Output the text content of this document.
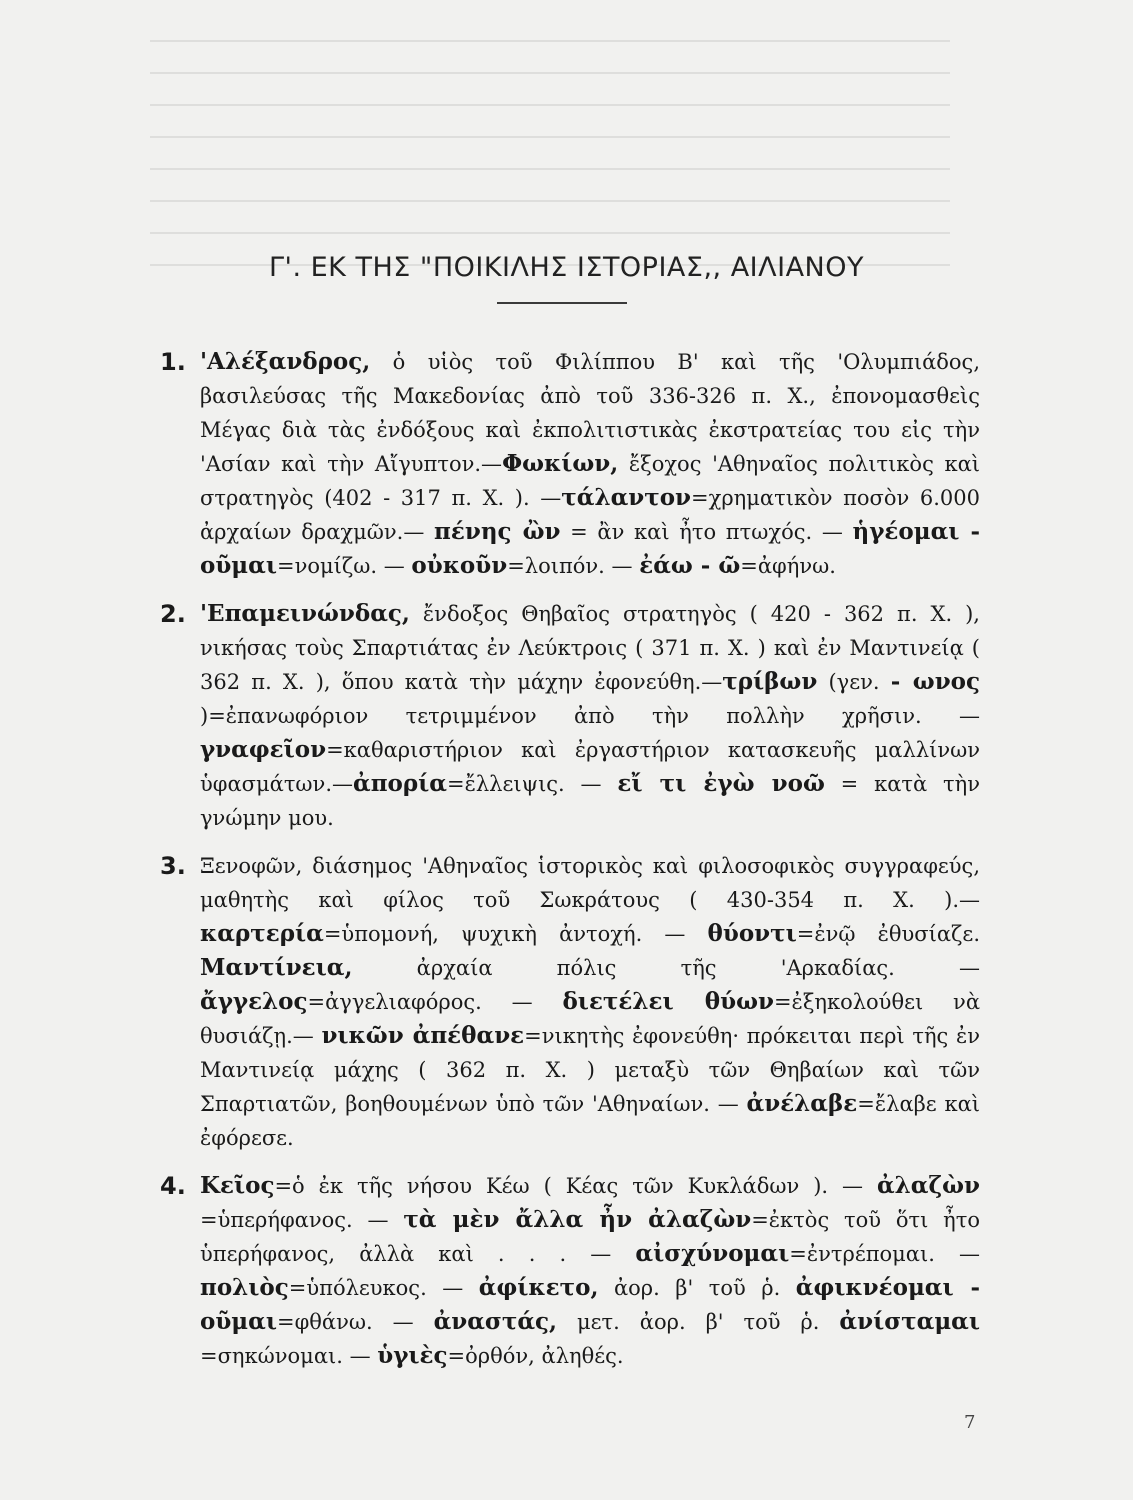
Γ'. ΕΚ ΤΗΣ "ΠΟΙΚΙΛΗΣ ΙΣΤΟΡΙΑΣ,, ΑΙΛΙΑΝΟΥ
1. 'Αλέξανδρος, ὁ υἱὸς τοῦ Φιλίππου Β' καὶ τῆς 'Ολυμπιάδος, βασιλεύσας τῆς Μακεδονίας ἀπὸ τοῦ 336-326 π. Χ., ἐπονομασθεὶς Μέγας διὰ τὰς ἐνδόξους καὶ ἐκπολιτιστικὰς ἐκστρατείας του εἰς τὴν 'Ασίαν καὶ τὴν Αἴγυπτον.—Φωκίων, ἔξοχος 'Αθηναῖος πολιτικὸς καὶ στρατηγὸς (402 - 317 π. Χ. ). —τάλαντον=χρηματικὸν ποσὸν 6.000 ἀρχαίων δραχμῶν.— πένης ὢν = ἂν καὶ ἦτο πτωχός. — ἡγέομαι - οῦμαι=νομίζω. — οὐκοῦν=λοιπόν. — ἐάω - ῶ=ἀφήνω.
2. 'Επαμεινώνδας, ἔνδοξος Θηβαῖος στρατηγὸς ( 420 - 362 π. Χ. ), νικήσας τοὺς Σπαρτιάτας ἐν Λεύκτροις ( 371 π. Χ. ) καὶ ἐν Μαντινείᾳ ( 362 π. Χ. ), ὅπου κατὰ τὴν μάχην ἐφονεύθη.—τρίβων (γεν. - ωνος )=ἐπανωφόριον τετριμμένον ἀπὸ τὴν πολλὴν χρῆσιν. — γναφεῖον=καθαριστήριον καὶ ἐργαστήριον κατασκευῆς μαλλίνων ὑφασμάτων.—ἀπορία=ἔλλειψις. — εἴ τι ἐγὼ νοῶ = κατὰ τὴν γνώμην μου.
3. Ξενοφῶν, διάσημος 'Αθηναῖος ἱστορικὸς καὶ φιλοσοφικὸς συγγραφεύς, μαθητὴς καὶ φίλος τοῦ Σωκράτους ( 430-354 π. Χ. ).—καρτερία=ὑπομονή, ψυχικὴ ἀντοχή. — θύοντι=ἐνῷ ἐθυσίαζε. Μαντίνεια, ἀρχαία πόλις τῆς 'Αρκαδίας. — ἄγγελος=ἀγγελιαφόρος. — διετέλει θύων=ἐξηκολούθει νὰ θυσιάζῃ.— νικῶν ἀπέθανε=νικητὴς ἐφονεύθη· πρόκειται περὶ τῆς ἐν Μαντινείᾳ μάχης ( 362 π. Χ. ) μεταξὺ τῶν Θηβαίων καὶ τῶν Σπαρτιατῶν, βοηθουμένων ὑπὸ τῶν 'Αθηναίων. — ἀνέλαβε=ἔλαβε καὶ ἐφόρεσε.
4. Κεῖος=ὁ ἐκ τῆς νήσου Κέω ( Κέας τῶν Κυκλάδων ). — ἀλαζὼν =ὑπερήφανος. — τὰ μὲν ἄλλα ἦν ἀλαζὼν=ἐκτὸς τοῦ ὅτι ἦτο ὑπερήφανος, ἀλλὰ καὶ . . . — αἰσχύνομαι=ἐντρέπομαι. — πολιὸς=ὑπόλευκος. — ἀφίκετο, ἀορ. β' τοῦ ῥ. ἀφικνέομαι - οῦμαι=φθάνω. — ἀναστάς, μετ. ἀορ. β' τοῦ ῥ. ἀνίσταμαι =σηκώνομαι. — ὑγιὲς=ὀρθόν, ἀληθές.
7
